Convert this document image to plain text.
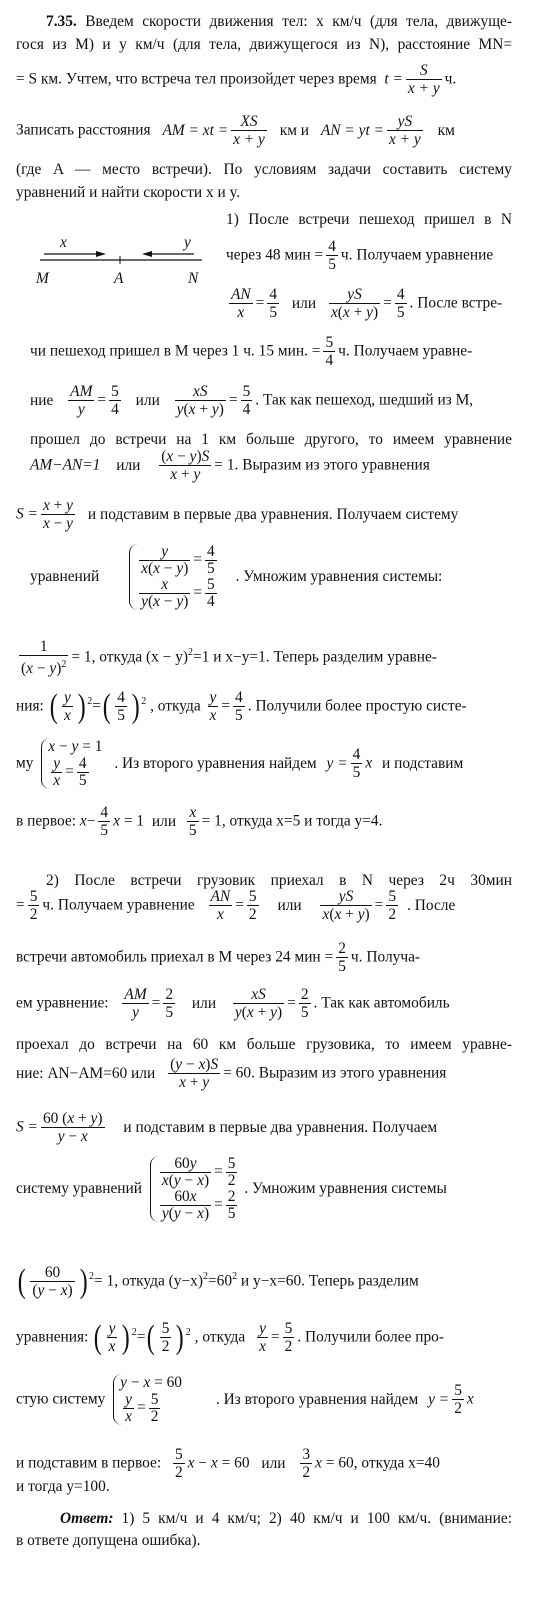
7.35. Введем скорости движения тел: x км/ч (для тела, движуще-
гося из M) и y км/ч (для тела, движущегося из N), расстояние MN=
= S км. Учтем, что встреча тел произойдет через время  $t = \frac{S}{x + y} ч$.
Записать расстояния AM = xt = $\frac{XS}{x + y}$ км и AN = yt = $\frac{yS}{x + y}$ км
(где A — место встречи). По условиям задачи составить систему
уравнений и найти скорости x и y.
x	y
M	A	N
1) После встречи пешеход пришел в N
через 48 мин = $\frac{4}{5} ч$. Получаем уравнение
$\frac{AN}{x} = \frac{4}{5}$ или $\frac{yS}{x(x + y)} = \frac{4}{5}$ . После встре-
чи пешеход пришел в M через 1 ч. 15 мин. = $\frac{5}{4} ч$. Получаем уравне-
ние $\frac{AM}{y} = \frac{5}{4}$ или $\frac{xS}{y(x + y)} = \frac{5}{4}$ . Так как пешеход, шедший из M,
прошел до встречи на 1 км больше другого, то имеем уравнение
AM−AN=1 или $\frac{(x - y)S}{x + y} = 1$. Выразим из этого уравнения
$S = \frac{x + y}{x - y}$ и подставим в первые два уравнения. Получаем систему
уравнений	$\frac{y}{x(x - y)} = \frac{4}{5}$
$\frac{x}{y(x - y)} = \frac{5}{4}$
. Умножим уравнения системы:
$\frac{1}{(x - y)^2} = 1$, откуда $(x - y)^2=1$ и x−y=1. Теперь разделим уравне-
ния: ( $\frac{y}{x}$ ) $^2=( \frac{4}{5}$ ) $^2$ , откуда $\frac{y}{x} = \frac{4}{5}$ . Получили более простую систе-
му
x − y = 1
$\frac{y}{x} = \frac{4}{5}$ . Из второго уравнения найдем $y = \frac{4}{5}$ x и подставим
в первое: $x- \frac{4}{5}$ x = 1 или $\frac{x}{5} = 1$, откуда x=5 и тогда y=4.
2) После встречи грузовик приехал в N через 2ч 30мин
= $\frac{5}{2} ч$. Получаем уравнение $\frac{AN}{x} = \frac{5}{2}$ или $\frac{yS}{x(x + y)} = \frac{5}{2}$ . После
встречи автомобиль приехал в M через 24 мин = $\frac{2}{5} ч$. Получа-
ем уравнение: $\frac{AM}{y} = \frac{2}{5}$ или $\frac{xS}{y(x + y)} = \frac{2}{5}$ . Так как автомобиль
проехал до встречи на 60 км больше грузовика, то имеем уравне-
ние: AN−AM=60 или $\frac{(y - x)S}{x + y} = 60$. Выразим из этого уравнения
$S = \frac{60 (x + y)}{y - x}$ и подставим в первые два уравнения. Получаем
систему уравнений $\frac{60y}{x(y - x)} = \frac{5}{2}$
$\frac{60x}{y(y - x)} = \frac{2}{5}$
. Умножим уравнения системы
( $\frac{60}{(y - x)}$ ) $^2$= 1, откуда $(y-x)^2=60^2$ и y−x=60. Теперь разделим
уравнения: ( $\frac{y}{x}$ ) $^2=( \frac{5}{2}$ ) $^2$ , откуда $\frac{y}{x} = \frac{5}{2}$ . Получили более про-
стую систему
y − x = 60
$\frac{y}{x} = \frac{5}{2}$	. Из второго уравнения найдем $y = \frac{5}{2}$ x
и подставим в первое: $\frac{5}{2}$ x − x = 60 или $\frac{3}{2}$ x = 60, откуда x=40
и тогда y=100.
Ответ: 1) 5 км/ч и 4 км/ч; 2) 40 км/ч и 100 км/ч. (внимание:
в ответе допущена ошибка).
